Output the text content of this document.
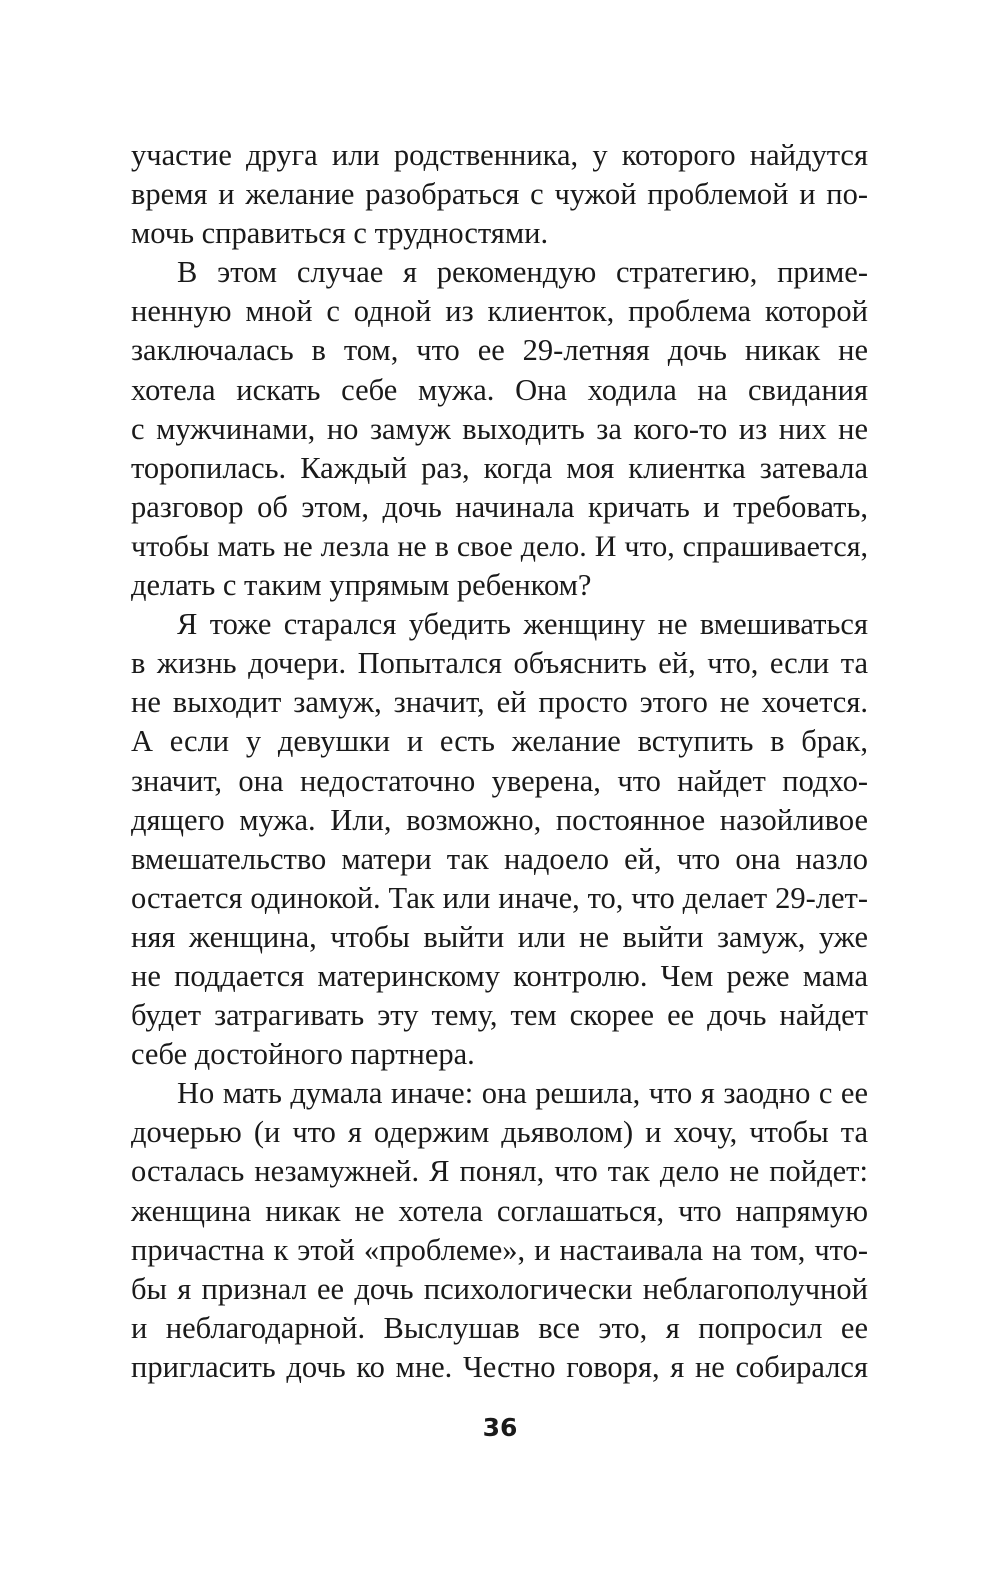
участие друга или родственника, у которого найдутся
время и желание разобраться с чужой проблемой и по-
мочь справиться с трудностями.
В этом случае я рекомендую стратегию, приме-
ненную мной с одной из клиенток, проблема которой
заключалась в том, что ее 29-летняя дочь никак не
хотела искать себе мужа. Она ходила на свидания
с мужчинами, но замуж выходить за кого-то из них не
торопилась. Каждый раз, когда моя клиентка затевала
разговор об этом, дочь начинала кричать и требовать,
чтобы мать не лезла не в свое дело. И что, спрашивается,
делать с таким упрямым ребенком?
Я тоже старался убедить женщину не вмешиваться
в жизнь дочери. Попытался объяснить ей, что, если та
не выходит замуж, значит, ей просто этого не хочется.
А если у девушки и есть желание вступить в брак,
значит, она недостаточно уверена, что найдет подхо-
дящего мужа. Или, возможно, постоянное назойливое
вмешательство матери так надоело ей, что она назло
остается одинокой. Так или иначе, то, что делает 29-лет-
няя женщина, чтобы выйти или не выйти замуж, уже
не поддается материнскому контролю. Чем реже мама
будет затрагивать эту тему, тем скорее ее дочь найдет
себе достойного партнера.
Но мать думала иначе: она решила, что я заодно с ее
дочерью (и что я одержим дьяволом) и хочу, чтобы та
осталась незамужней. Я понял, что так дело не пойдет:
женщина никак не хотела соглашаться, что напрямую
причастна к этой «проблеме», и настаивала на том, что-
бы я признал ее дочь психологически неблагополучной
и неблагодарной. Выслушав все это, я попросил ее
пригласить дочь ко мне. Честно говоря, я не собирался
36
